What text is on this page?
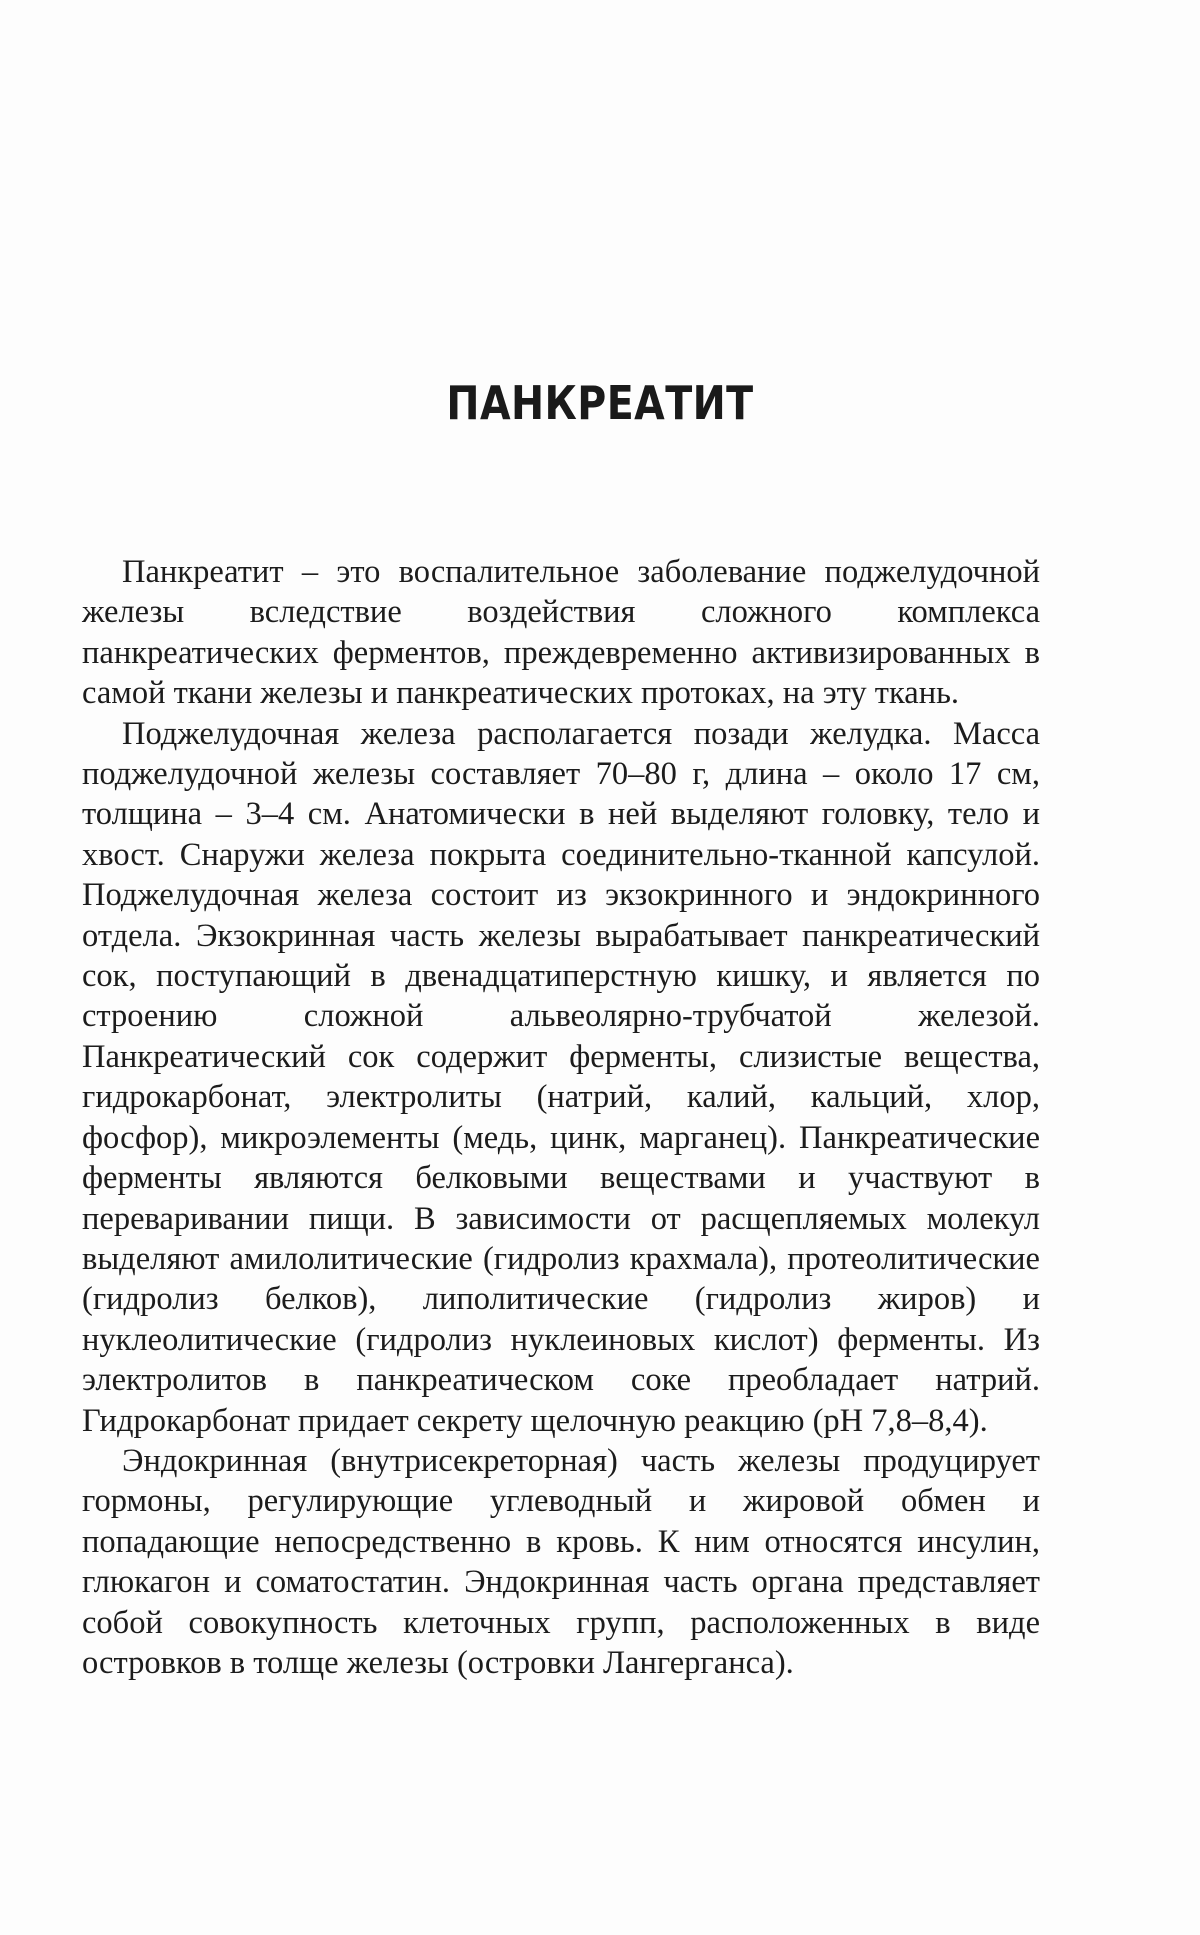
ПАНКРЕАТИТ

Панкреатит – это воспалительное заболевание поджелудочной железы вследствие воздействия сложного комплекса панкреатических ферментов, преждевременно активизированных в самой ткани железы и панкреатических протоках, на эту ткань.

Поджелудочная железа располагается позади желудка. Масса поджелудочной железы составляет 70–80 г, длина – около 17 см, толщина – 3–4 см. Анатомически в ней выделяют головку, тело и хвост. Снаружи железа покрыта соединительно-тканной капсулой. Поджелудочная железа состоит из экзокринного и эндокринного отдела. Экзокринная часть железы вырабатывает панкреатический сок, поступающий в двенадцатиперстную кишку, и является по строению сложной альвеолярно-трубчатой железой. Панкреатический сок содержит ферменты, слизистые вещества, гидрокарбонат, электролиты (натрий, калий, кальций, хлор, фосфор), микроэлементы (медь, цинк, марганец). Панкреатические ферменты являются белковыми веществами и участвуют в переваривании пищи. В зависимости от расщепляемых молекул выделяют амилолитические (гидролиз крахмала), протеолитические (гидролиз белков), липолитические (гидролиз жиров) и нуклеолитические (гидролиз нуклеиновых кислот) ферменты. Из электролитов в панкреатическом соке преобладает натрий. Гидрокарбонат придает секрету щелочную реакцию (рН 7,8–8,4).

Эндокринная (внутрисекреторная) часть железы продуцирует гормоны, регулирующие углеводный и жировой обмен и попадающие непосредственно в кровь. К ним относятся инсулин, глюкагон и соматостатин. Эндокринная часть органа представляет собой совокупность клеточных групп, расположенных в виде островков в толще железы (островки Лангерганса).
